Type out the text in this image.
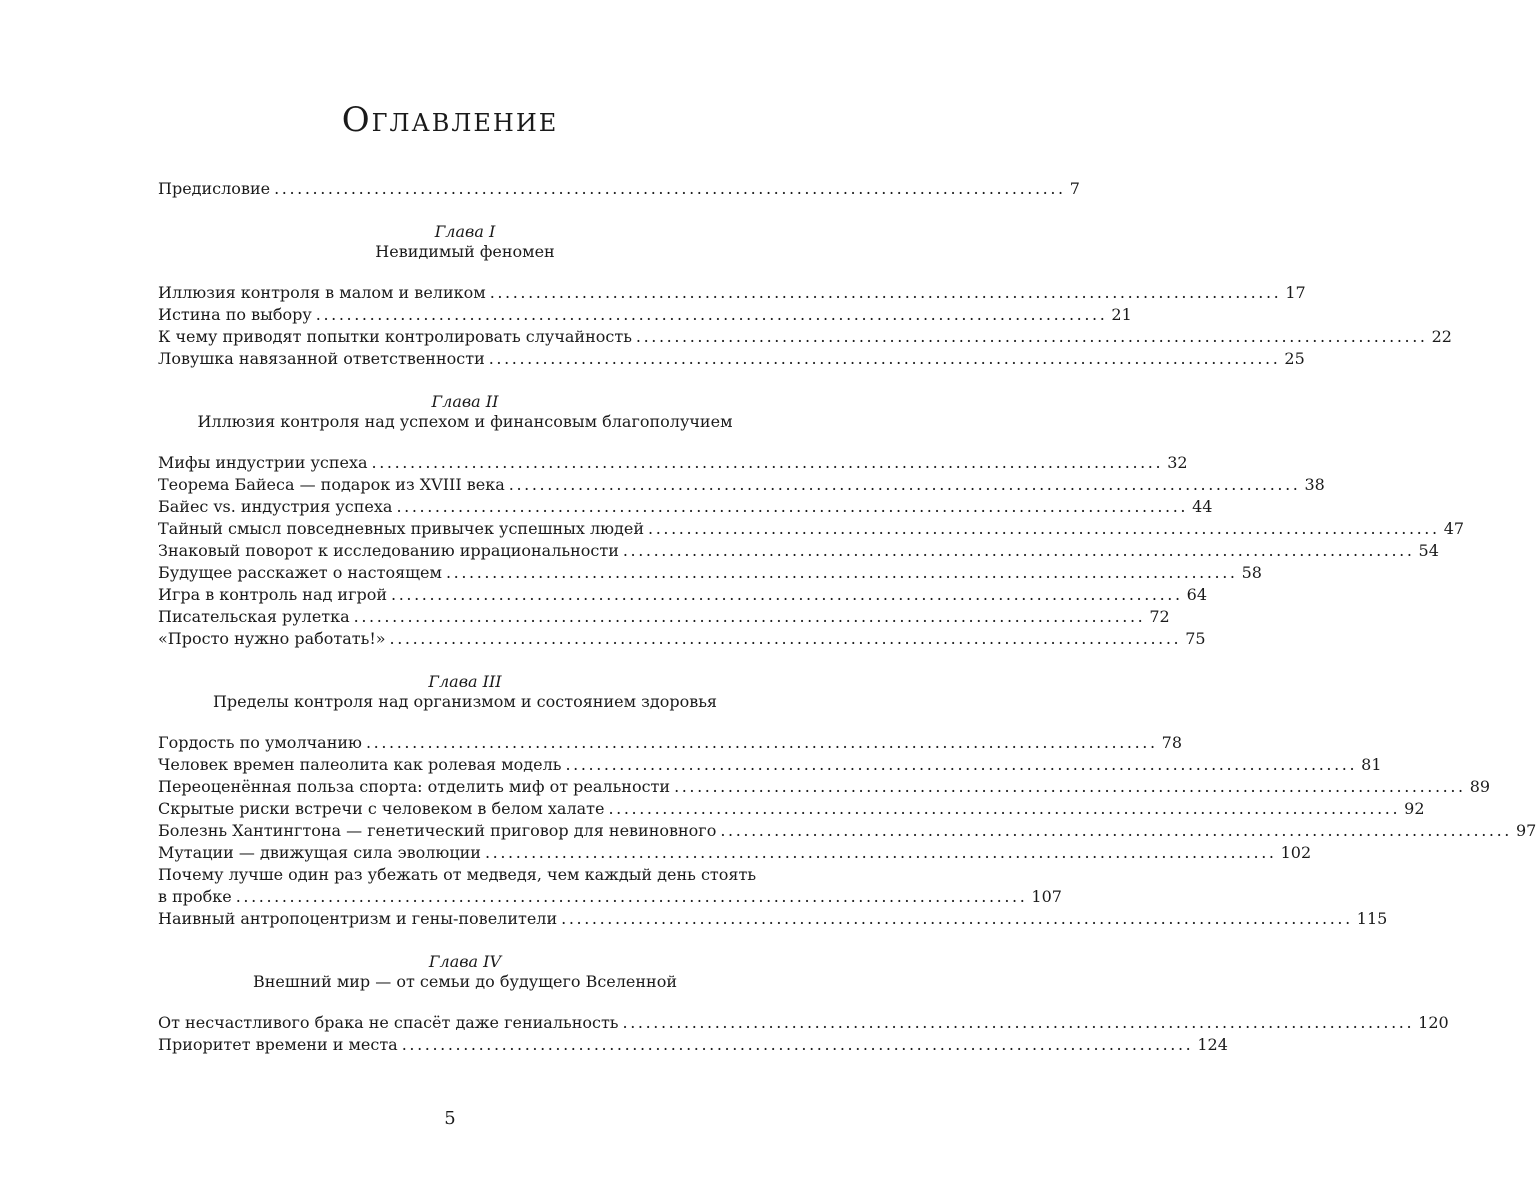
Оглавление
Предисловие ....................................................................................................... 7
Глава I
Невидимый феномен
Иллюзия контроля в малом и великом ....................................................................................................... 17
Истина по выбору ....................................................................................................... 21
К чему приводят попытки контролировать случайность ....................................................................................................... 22
Ловушка навязанной ответственности ....................................................................................................... 25
Глава II
Иллюзия контроля над успехом и финансовым благополучием
Мифы индустрии успеха ....................................................................................................... 32
Теорема Байеса — подарок из XVIII века ....................................................................................................... 38
Байес vs. индустрия успеха ....................................................................................................... 44
Тайный смысл повседневных привычек успешных людей ....................................................................................................... 47
Знаковый поворот к исследованию иррациональности ....................................................................................................... 54
Будущее расскажет о настоящем ....................................................................................................... 58
Игра в контроль над игрой ....................................................................................................... 64
Писательская рулетка ....................................................................................................... 72
«Просто нужно работать!» ....................................................................................................... 75
Глава III
Пределы контроля над организмом и состоянием здоровья
Гордость по умолчанию ....................................................................................................... 78
Человек времен палеолита как ролевая модель ....................................................................................................... 81
Переоценённая польза спорта: отделить миф от реальности ....................................................................................................... 89
Скрытые риски встречи с человеком в белом халате ....................................................................................................... 92
Болезнь Хантингтона — генетический приговор для невиновного ....................................................................................................... 97
Мутации — движущая сила эволюции ....................................................................................................... 102
Почему лучше один раз убежать от медведя, чем каждый день стоять
в пробке ....................................................................................................... 107
Наивный антропоцентризм и гены-повелители ....................................................................................................... 115
Глава IV
Внешний мир — от семьи до будущего Вселенной
От несчастливого брака не спасёт даже гениальность ....................................................................................................... 120
Приоритет времени и места ....................................................................................................... 124
5
